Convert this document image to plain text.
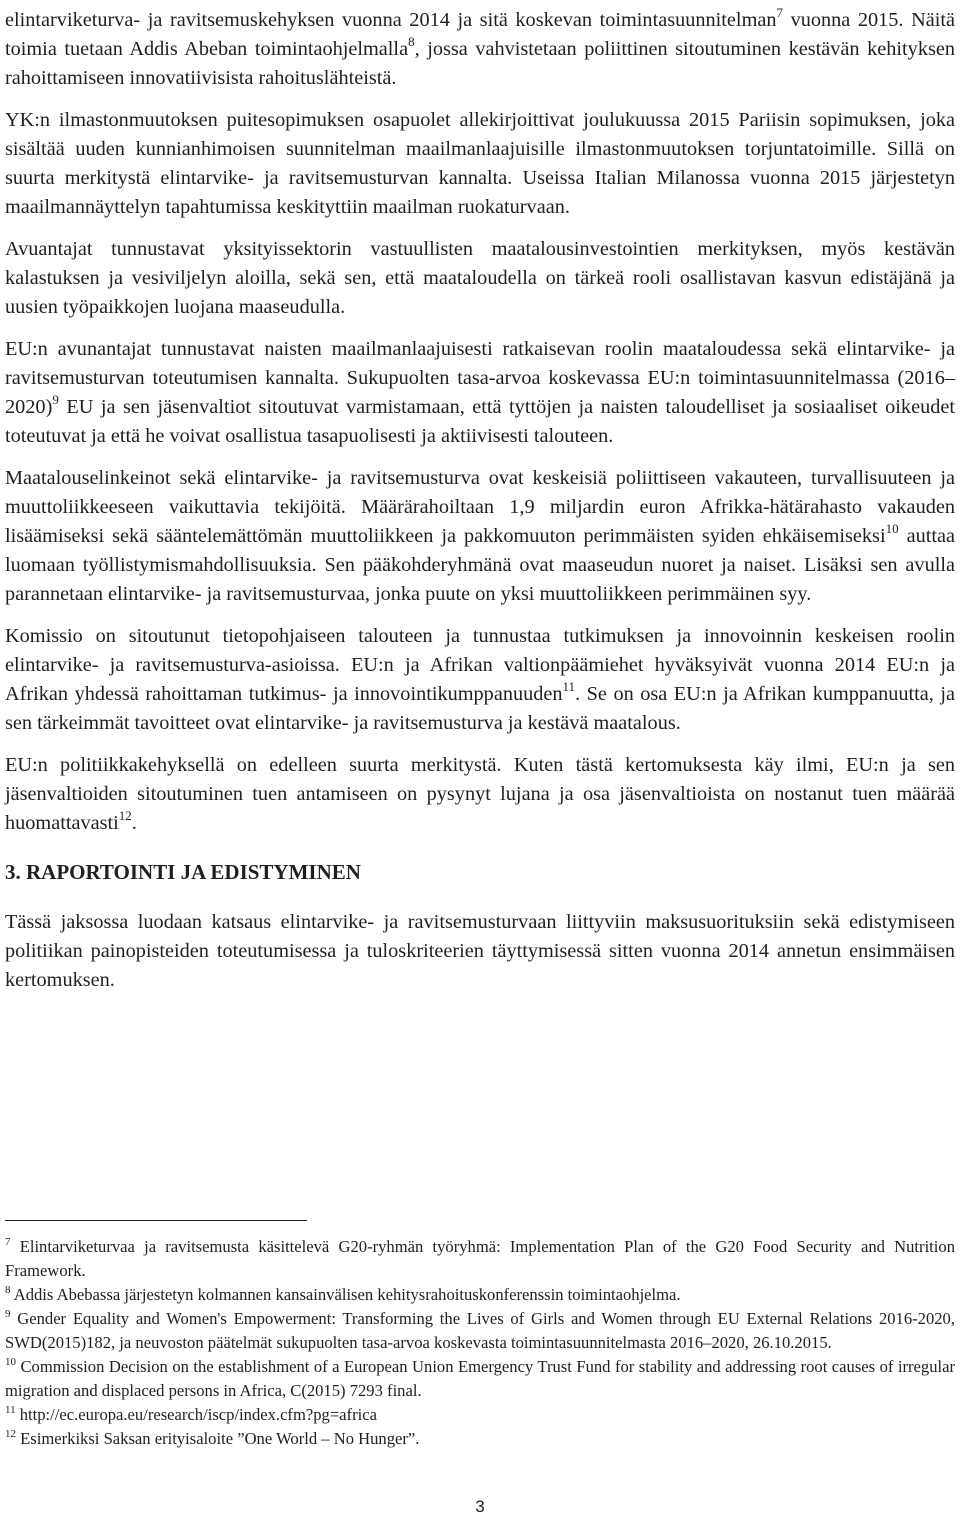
elintarviketurva- ja ravitsemuskehyksen vuonna 2014 ja sitä koskevan toimintasuunnitelman$^7$ vuonna 2015. Näitä toimia tuetaan Addis Abeban toimintaohjelmalla$^8$, jossa vahvistetaan poliittinen sitoutuminen kestävän kehityksen rahoittamiseen innovatiivisista rahoituslähteistä.

YK:n ilmastonmuutoksen puitesopimuksen osapuolet allekirjoittivat joulukuussa 2015 Pariisin sopimuksen, joka sisältää uuden kunnianhimoisen suunnitelman maailmanlaajuisille ilmastonmuutoksen torjuntatoimille. Sillä on suurta merkitystä elintarvike- ja ravitsemusturvan kannalta. Useissa Italian Milanossa vuonna 2015 järjestetyn maailmannäyttelyn tapahtumissa keskityttiin maailman ruokaturvaan.

Avuantajat tunnustavat yksityissektorin vastuullisten maatalousinvestointien merkityksen, myös kestävän kalastuksen ja vesiviljelyn aloilla, sekä sen, että maataloudella on tärkeä rooli osallistavan kasvun edistäjänä ja uusien työpaikkojen luojana maaseudulla.

EU:n avunantajat tunnustavat naisten maailmanlaajuisesti ratkaisevan roolin maataloudessa sekä elintarvike- ja ravitsemusturvan toteutumisen kannalta. Sukupuolten tasa-arvoa koskevassa EU:n toimintasuunnitelmassa (2016–2020)$^9$ EU ja sen jäsenvaltiot sitoutuvat varmistamaan, että tyttöjen ja naisten taloudelliset ja sosiaaliset oikeudet toteutuvat ja että he voivat osallistua tasapuolisesti ja aktiivisesti talouteen.

Maatalouselinkeinot sekä elintarvike- ja ravitsemusturva ovat keskeisiä poliittiseen vakauteen, turvallisuuteen ja muuttoliikkeeseen vaikuttavia tekijöitä. Määrärahoiltaan 1,9 miljardin euron Afrikka-hätärahasto vakauden lisäämiseksi sekä sääntelemättömän muuttoliikkeen ja pakkomuuton perimmäisten syiden ehkäisemiseksi$^{10}$ auttaa luomaan työllistymismahdollisuuksia. Sen pääkohderyhmänä ovat maaseudun nuoret ja naiset. Lisäksi sen avulla parannetaan elintarvike- ja ravitsemusturvaa, jonka puute on yksi muuttoliikkeen perimmäinen syy.

Komissio on sitoutunut tietopohjaiseen talouteen ja tunnustaa tutkimuksen ja innovoinnin keskeisen roolin elintarvike- ja ravitsemusturva-asioissa. EU:n ja Afrikan valtionpäämiehet hyväksyivät vuonna 2014 EU:n ja Afrikan yhdessä rahoittaman tutkimus- ja innovointikumppanuuden$^{11}$. Se on osa EU:n ja Afrikan kumppanuutta, ja sen tärkeimmät tavoitteet ovat elintarvike- ja ravitsemusturva ja kestävä maatalous.

EU:n politiikkakehyksellä on edelleen suurta merkitystä. Kuten tästä kertomuksesta käy ilmi, EU:n ja sen jäsenvaltioiden sitoutuminen tuen antamiseen on pysynyt lujana ja osa jäsenvaltioista on nostanut tuen määrää huomattavasti$^{12}$.

3. RAPORTOINTI JA EDISTYMINEN

Tässä jaksossa luodaan katsaus elintarvike- ja ravitsemusturvaan liittyviin maksusuorituksiin sekä edistymiseen politiikan painopisteiden toteutumisessa ja tuloskriteerien täyttymisessä sitten vuonna 2014 annetun ensimmäisen kertomuksen.

$^7$ Elintarviketurvaa ja ravitsemusta käsittelevä G20-ryhmän työryhmä: Implementation Plan of the G20 Food Security and Nutrition Framework.

$^8$ Addis Abebassa järjestetyn kolmannen kansainvälisen kehitysrahoituskonferenssin toimintaohjelma.

$^9$ Gender Equality and Women's Empowerment: Transforming the Lives of Girls and Women through EU External Relations 2016-2020, SWD(2015)182, ja neuvoston päätelmät sukupuolten tasa-arvoa koskevasta toimintasuunnitelmasta 2016–2020, 26.10.2015.

$^{10}$ Commission Decision on the establishment of a European Union Emergency Trust Fund for stability and addressing root causes of irregular migration and displaced persons in Africa, C(2015) 7293 final.

$^{11}$ http://ec.europa.eu/research/iscp/index.cfm?pg=africa

$^{12}$ Esimerkiksi Saksan erityisaloite ”One World – No Hunger”.

3
